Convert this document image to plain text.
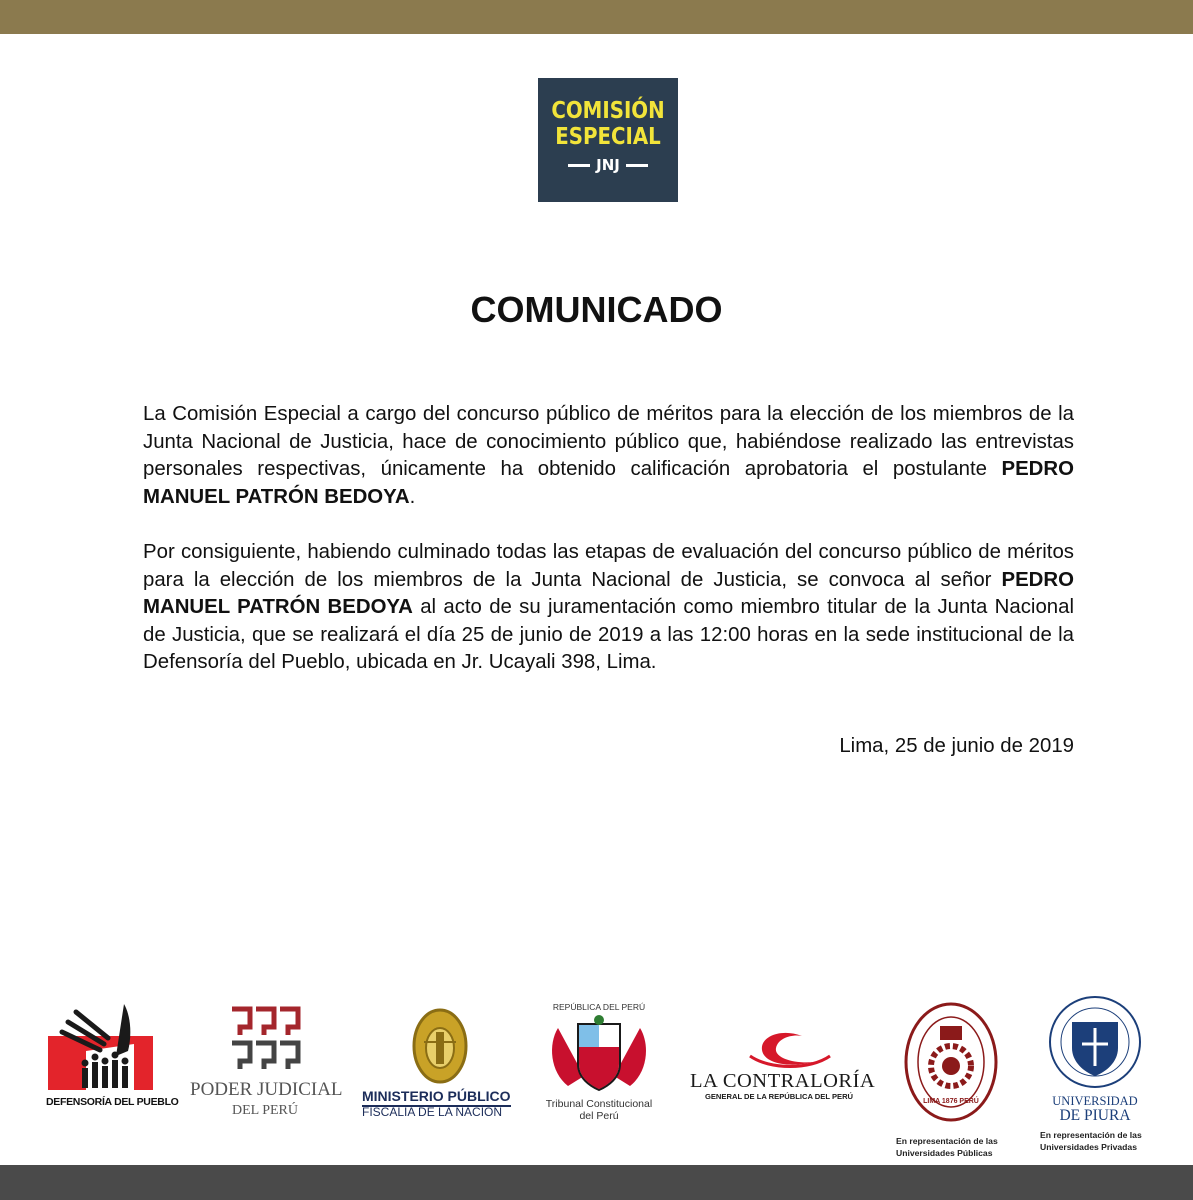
COMISIÓN
ESPECIAL
JNJ
COMUNICADO

La Comisión Especial a cargo del concurso público de méritos para la elección de los miembros de la Junta Nacional de Justicia, hace de conocimiento público que, habiéndose realizado las entrevistas personales respectivas, únicamente ha obtenido calificación aprobatoria el postulante PEDRO MANUEL PATRÓN BEDOYA.

Por consiguiente, habiendo culminado todas las etapas de evaluación del concurso público de méritos para la elección de los miembros de la Junta Nacional de Justicia, se convoca al señor PEDRO MANUEL PATRÓN BEDOYA al acto de su juramentación como miembro titular de la Junta Nacional de Justicia, que se realizará el día 25 de junio de 2019 a las 12:00 horas en la sede institucional de la Defensoría del Pueblo, ubicada en Jr. Ucayali 398, Lima.

Lima, 25 de junio de 2019
DEFENSORÍA DEL PUEBLO
PODER JUDICIAL
DEL PERÚ
MINISTERIO PÚBLICO
FISCALÍA DE LA NACIÓN
REPÚBLICA DEL PERÚ
Tribunal Constitucional
del Perú
LA CONTRALORÍA
GENERAL DE LA REPÚBLICA DEL PERÚ
LIMA 1876 PERÚ
En representación de las
Universidades Públicas
UNIVERSIDAD
DE PIURA
En representación de las
Universidades Privadas
